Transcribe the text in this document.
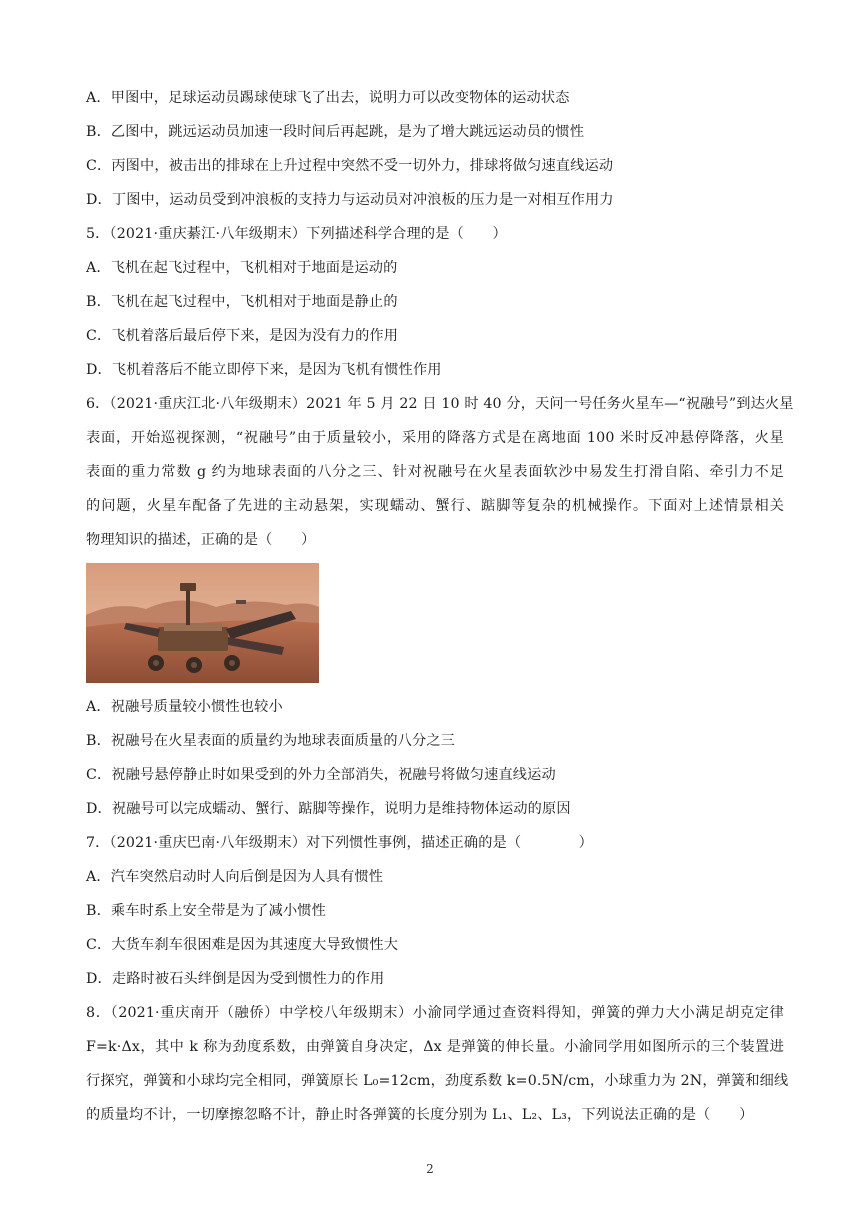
A．甲图中，足球运动员踢球使球飞了出去，说明力可以改变物体的运动状态
B．乙图中，跳远运动员加速一段时间后再起跳，是为了增大跳远运动员的惯性
C．丙图中，被击出的排球在上升过程中突然不受一切外力，排球将做匀速直线运动
D．丁图中，运动员受到冲浪板的支持力与运动员对冲浪板的压力是一对相互作用力
5．（2021·重庆綦江·八年级期末）下列描述科学合理的是（　　）
A．飞机在起飞过程中，飞机相对于地面是运动的
B．飞机在起飞过程中，飞机相对于地面是静止的
C．飞机着落后最后停下来，是因为没有力的作用
D．飞机着落后不能立即停下来，是因为飞机有惯性作用
6．（2021·重庆江北·八年级期末）2021 年 5 月 22 日 10 时 40 分，天问一号任务火星车—“祝融号”到达火星
表面，开始巡视探测，“祝融号”由于质量较小，采用的降落方式是在离地面 100 米时反冲悬停降落，火星
表面的重力常数 g 约为地球表面的八分之三、针对祝融号在火星表面软沙中易发生打滑自陷、牵引力不足
的问题，火星车配备了先进的主动悬架，实现蠕动、蟹行、踮脚等复杂的机械操作。下面对上述情景相关
物理知识的描述，正确的是（　　）
A．祝融号质量较小惯性也较小
B．祝融号在火星表面的质量约为地球表面质量的八分之三
C．祝融号悬停静止时如果受到的外力全部消失，祝融号将做匀速直线运动
D．祝融号可以完成蠕动、蟹行、踮脚等操作，说明力是维持物体运动的原因
7．（2021·重庆巴南·八年级期末）对下列惯性事例，描述正确的是（　　　　）
A．汽车突然启动时人向后倒是因为人具有惯性
B．乘车时系上安全带是为了减小惯性
C．大货车刹车很困难是因为其速度大导致惯性大
D．走路时被石头绊倒是因为受到惯性力的作用
8．（2021·重庆南开（融侨）中学校八年级期末）小渝同学通过查资料得知，弹簧的弹力大小满足胡克定律
F=k·Δx，其中 k 称为劲度系数，由弹簧自身决定，Δx 是弹簧的伸长量。小渝同学用如图所示的三个装置进
行探究，弹簧和小球均完全相同，弹簧原长 L₀=12cm，劲度系数 k=0.5N/cm，小球重力为 2N，弹簧和细线
的质量均不计，一切摩擦忽略不计，静止时各弹簧的长度分别为 L₁、L₂、L₃，下列说法正确的是（　　）
2
